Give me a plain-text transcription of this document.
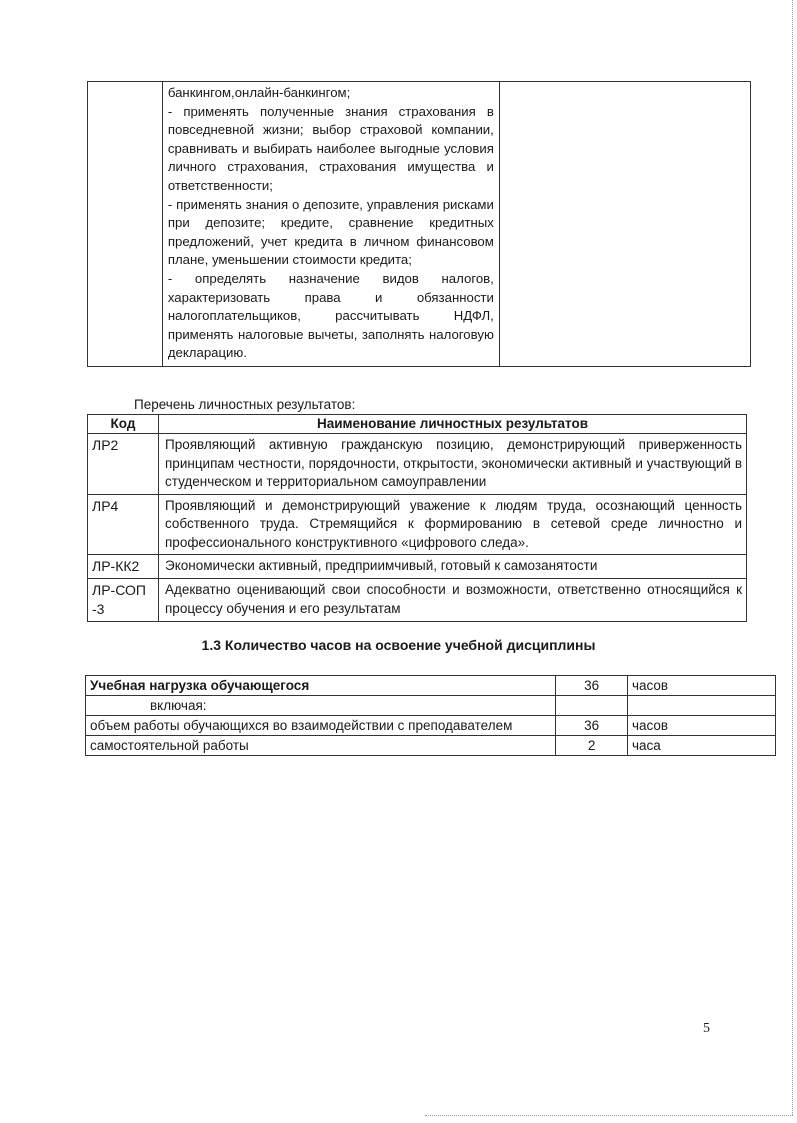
банкингом,онлайн-банкингом;

- применять полученные знания страхования в повседневной жизни; выбор страховой компании, сравнивать и выбирать наиболее выгодные условия личного страхования, страхования имущества и ответственности;

- применять знания о депозите, управления рисками при депозите; кредите, сравнение кредитных предложений, учет кредита в личном финансовом плане, уменьшении стоимости кредита;

- определять назначение видов налогов, характеризовать права и обязанности налогоплательщиков, рассчитывать НДФЛ, применять налоговые вычеты, заполнять налоговую декларацию.

Перечень личностных результатов:

Код	Наименование личностных результатов
ЛР2	Проявляющий активную гражданскую позицию, демонстрирующий приверженность принципам честности, порядочности, открытости, экономически активный и участвующий в студенческом и территориальном самоуправлении
ЛР4	Проявляющий и демонстрирующий уважение к людям труда, осознающий ценность собственного труда. Стремящийся к формированию в сетевой среде личностно и профессионального конструктивного «цифрового следа».
ЛР-КК2	Экономически активный, предприимчивый, готовый к самозанятости
ЛР-СОП -3	Адекватно оценивающий свои способности и возможности, ответственно относящийся к процессу обучения и его результатам

1.3 Количество часов на освоение учебной дисциплины

Учебная нагрузка обучающегося	36	часов
включая:		
объем работы обучающихся во взаимодействии с преподавателем	36	часов
самостоятельной работы	2	часа
5
